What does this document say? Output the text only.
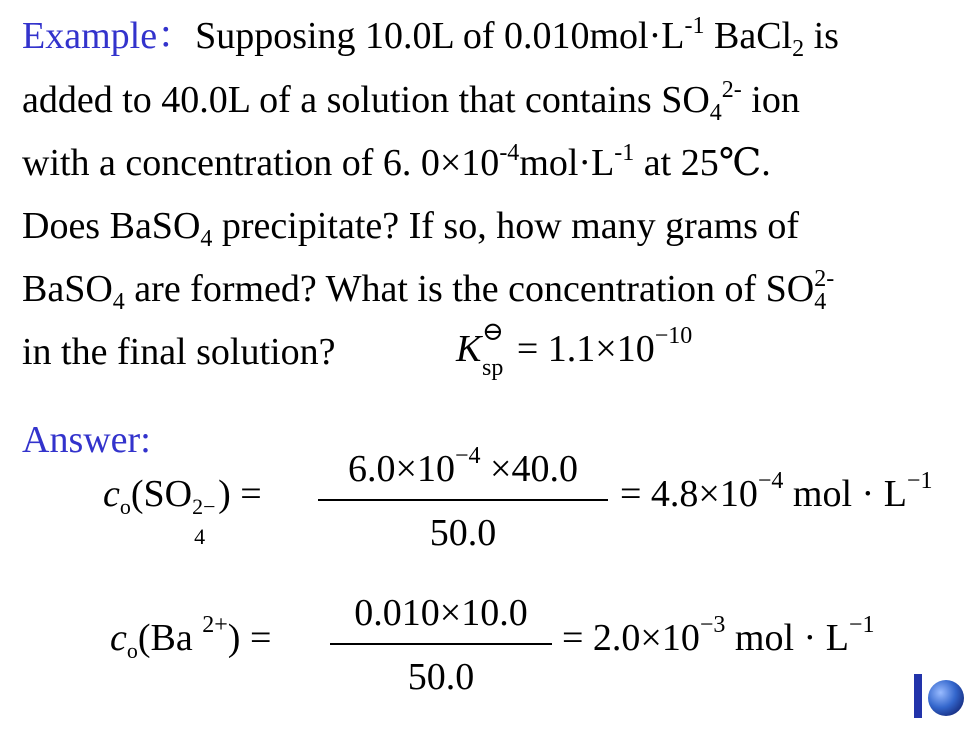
Example：Supposing 10.0L of $0.010mol\cdot L^{-1}$ BaCl$_2$ is
added to 40.0L of a solution that contains $SO_4^{2-}$ ion
with a concentration of 6. $0\times 10^{-4}mol\cdot L^{-1}$ at 25℃.
Does BaSO$_4$ precipitate? If so, how many grams of
BaSO$_4$ are formed? What is the concentration of $SO_4^{2-}$
in the final solution?	K ⊖
sp = $1.1\times 10^{-10}$
Answer:
$c_o(SO$ 2−
4
) =
$6.0\times 10^{-4} \times 40.0$
50.0
= $4.8\times 10^{-4}$ mol · $L^{-1}$
$c_o(Ba$ $^{2+}$) =
0.010×10.0
50.0
= $2.0\times 10^{-3}$ mol · $L^{-1}$
